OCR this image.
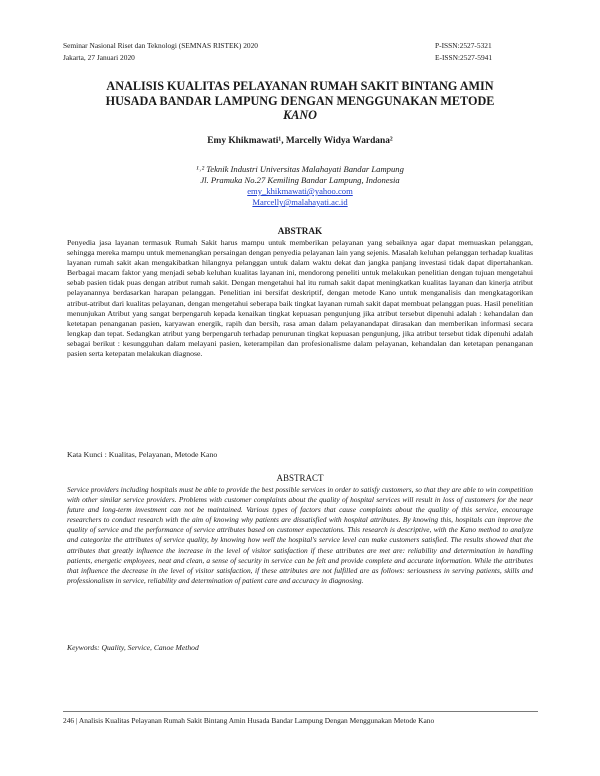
Seminar Nasional Riset dan Teknologi (SEMNAS RISTEK) 2020
Jakarta, 27 Januari 2020
P-ISSN:2527-5321
E-ISSN:2527-5941
ANALISIS KUALITAS PELAYANAN RUMAH SAKIT BINTANG AMIN
HUSADA BANDAR LAMPUNG DENGAN MENGGUNAKAN METODE
KANO
Emy Khikmawati¹, Marcelly Widya Wardana²
¹˒² Teknik Industri Universitas Malahayati Bandar Lampung
Jl. Pramuka No.27 Kemiling Bandar Lampung, Indonesia
emy_khikmawati@yahoo.com
Marcelly@malahayati.ac.id
ABSTRAK
Penyedia jasa layanan termasuk Rumah Sakit harus mampu untuk memberikan pelayanan yang sebaiknya agar dapat memuaskan pelanggan, sehingga mereka mampu untuk memenangkan persaingan dengan penyedia pelayanan lain yang sejenis. Masalah keluhan pelanggan terhadap kualitas layanan rumah sakit akan mengakibatkan hilangnya pelanggan untuk dalam waktu dekat dan jangka panjang investasi tidak dapat dipertahankan. Berbagai macam faktor yang menjadi sebab keluhan kualitas layanan ini, mendorong peneliti untuk melakukan penelitian dengan tujuan mengetahui sebab pasien tidak puas dengan atribut rumah sakit. Dengan mengetahui hal itu rumah sakit dapat meningkatkan kualitas layanan dan kinerja atribut pelayanannya berdasarkan harapan pelanggan. Penelitian ini bersifat deskriptif, dengan metode Kano untuk menganalisis dan mengkatagorikan atribut-atribut dari kualitas pelayanan, dengan mengetahui seberapa baik tingkat layanan rumah sakit dapat membuat pelanggan puas. Hasil penelitian menunjukan Atribut yang sangat berpengaruh kepada kenaikan tingkat kepuasan pengunjung jika atribut tersebut dipenuhi adalah : kehandalan dan ketetapan penanganan pasien, karyawan energik, rapih dan bersih, rasa aman dalam pelayanandapat dirasakan dan memberikan informasi secara lengkap dan tepat. Sedangkan atribut yang berpengaruh terhadap penurunan tingkat kepuasan pengunjung, jika atribut tersebut tidak dipenuhi adalah sebagai berikut : kesungguhan dalam melayani pasien, keterampilan dan profesionalisme dalam pelayanan, kehandalan dan ketetapan penanganan pasien serta ketepatan melakukan diagnose.
Kata Kunci : Kualitas, Pelayanan, Metode Kano
ABSTRACT
Service providers including hospitals must be able to provide the best possible services in order to satisfy customers, so that they are able to win competition with other similar service providers. Problems with customer complaints about the quality of hospital services will result in loss of customers for the near future and long-term investment can not be maintained. Various types of factors that cause complaints about the quality of this service, encourage researchers to conduct research with the aim of knowing why patients are dissatisfied with hospital attributes. By knowing this, hospitals can improve the quality of service and the performance of service attributes based on customer expectations. This research is descriptive, with the Kano method to analyze and categorize the attributes of service quality, by knowing how well the hospital's service level can make customers satisfied. The results showed that the attributes that greatly influence the increase in the level of visitor satisfaction if these attributes are met are: reliability and determination in handling patients, energetic employees, neat and clean, a sense of security in service can be felt and provide complete and accurate information. While the attributes that influence the decrease in the level of visitor satisfaction, if these attributes are not fulfilled are as follows: seriousness in serving patients, skills and professionalism in service, reliability and determination of patient care and accuracy in diagnosing.
Keywords: Quality, Service, Canoe Method
246 | Analisis Kualitas Pelayanan Rumah Sakit Bintang Amin Husada Bandar Lampung Dengan Menggunakan Metode Kano
